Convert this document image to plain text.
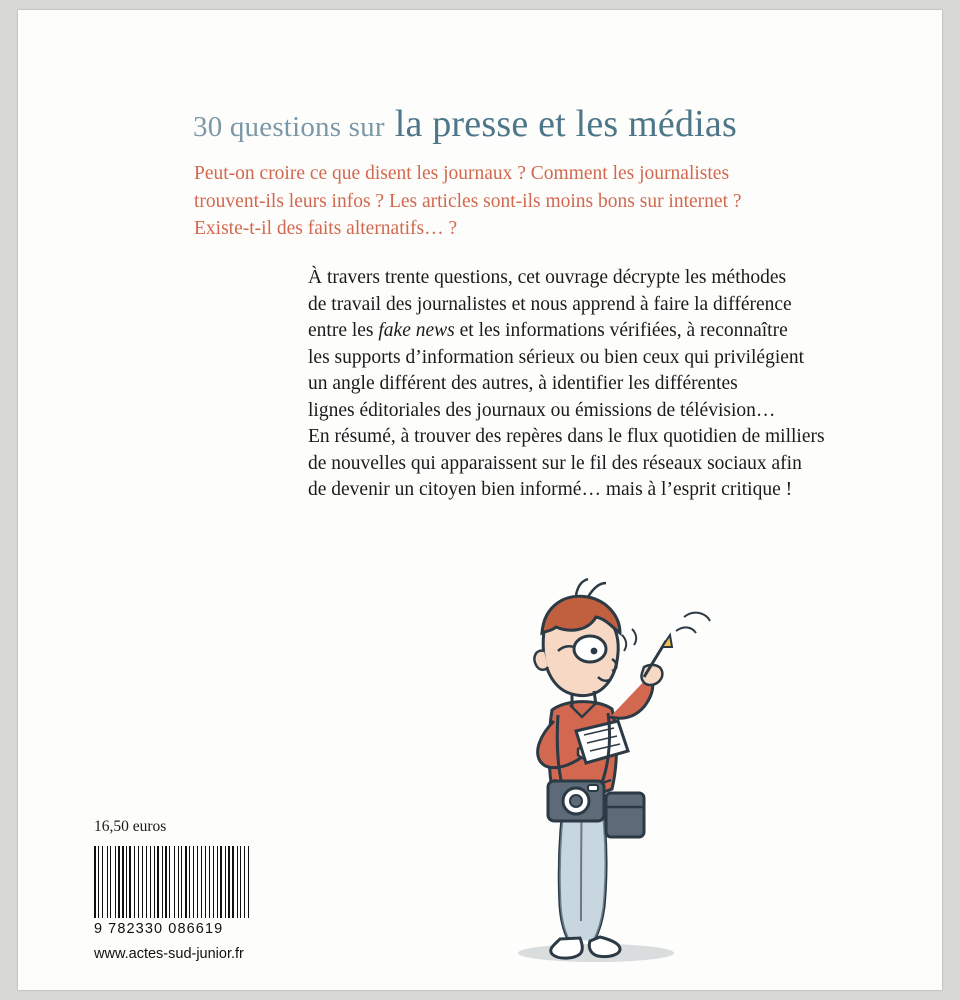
30 questions sur la presse et les médias
Peut-on croire ce que disent les journaux ? Comment les journalistes
trouvent-ils leurs infos ? Les articles sont-ils moins bons sur internet ?
Existe-t-il des faits alternatifs… ?
À travers trente questions, cet ouvrage décrypte les méthodes
de travail des journalistes et nous apprend à faire la différence
entre les fake news et les informations vérifiées, à reconnaître
les supports d’information sérieux ou bien ceux qui privilégient
un angle différent des autres, à identifier les différentes
lignes éditoriales des journaux ou émissions de télévision…
En résumé, à trouver des repères dans le flux quotidien de milliers
de nouvelles qui apparaissent sur le fil des réseaux sociaux afin
de devenir un citoyen bien informé… mais à l’esprit critique !
16,50 euros
9 782330 086619
www.actes-sud-junior.fr
